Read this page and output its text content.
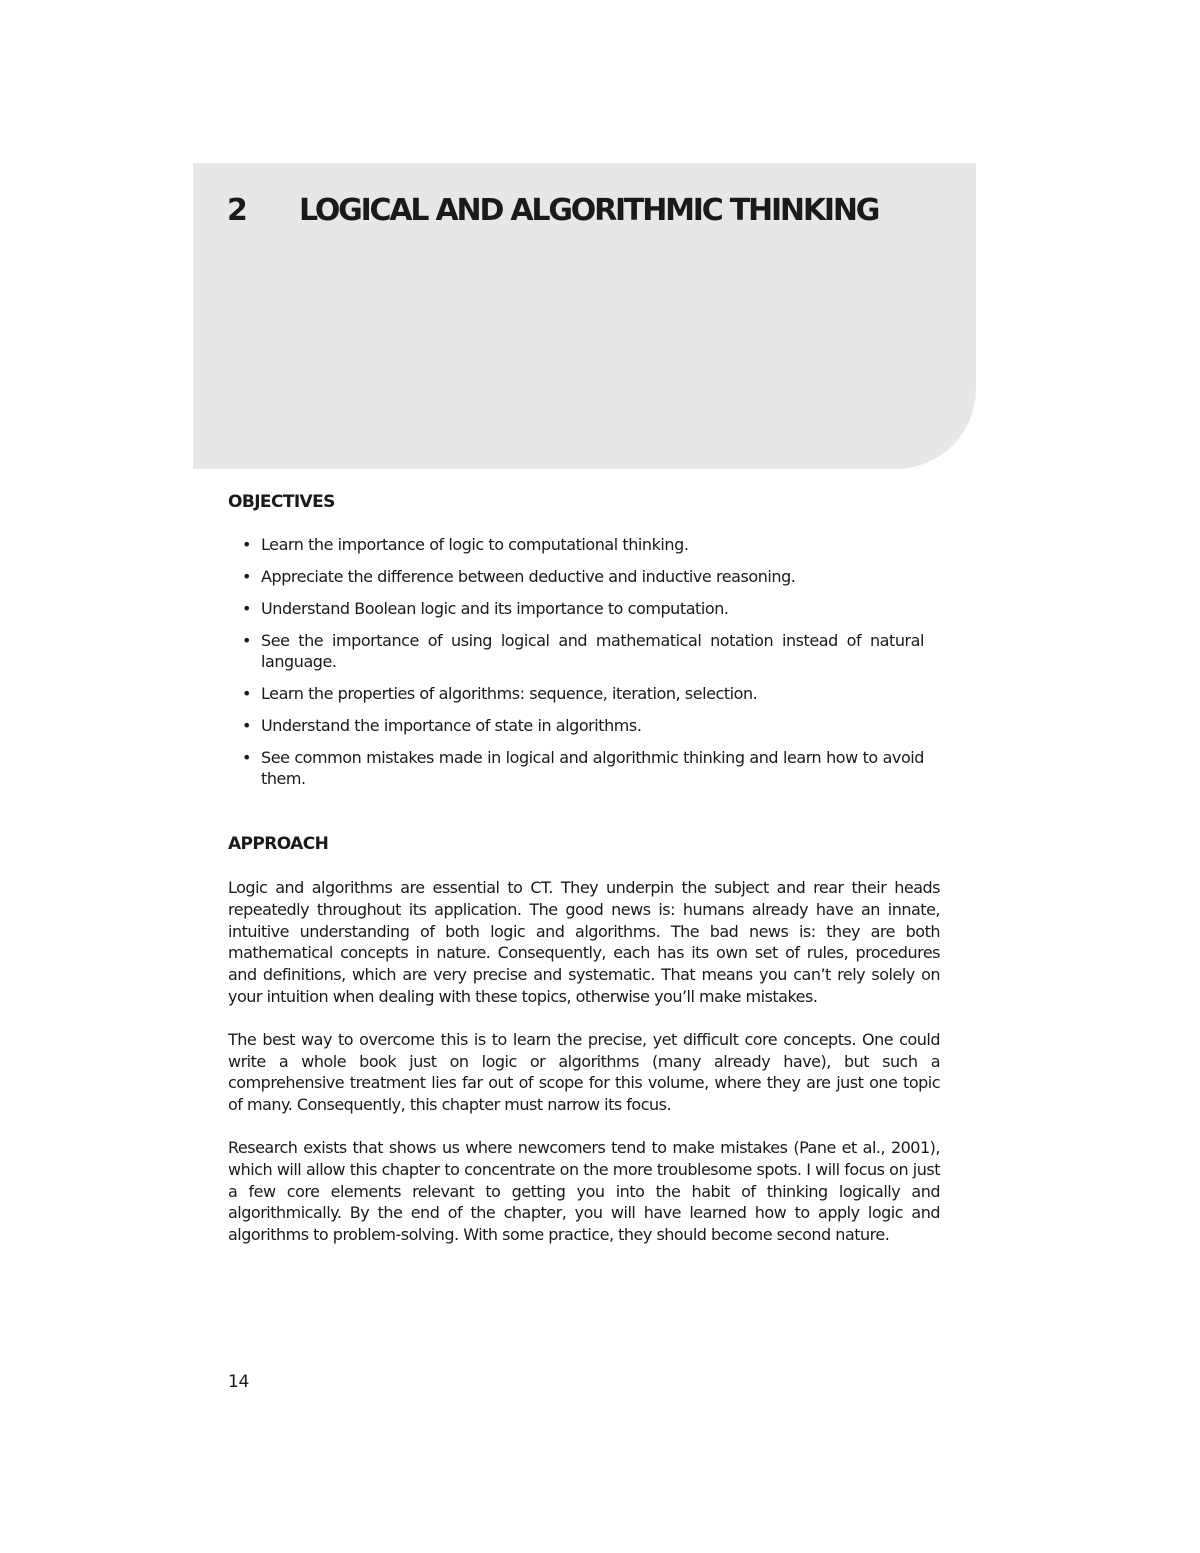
2 LOGICAL AND ALGORITHMIC THINKING
OBJECTIVES
• Learn the importance of logic to computational thinking.
• Appreciate the difference between deductive and inductive reasoning.
• Understand Boolean logic and its importance to computation.
• See the importance of using logical and mathematical notation instead of natural language.
• Learn the properties of algorithms: sequence, iteration, selection.
• Understand the importance of state in algorithms.
• See common mistakes made in logical and algorithmic thinking and learn how to avoid them.
APPROACH

Logic and algorithms are essential to CT. They underpin the subject and rear their heads repeatedly throughout its application. The good news is: humans already have an innate, intuitive understanding of both logic and algorithms. The bad news is: they are both mathematical concepts in nature. Consequently, each has its own set of rules, procedures and definitions, which are very precise and systematic. That means you can’t rely solely on your intuition when dealing with these topics, otherwise you’ll make mistakes.

The best way to overcome this is to learn the precise, yet difficult core concepts. One could write a whole book just on logic or algorithms (many already have), but such a comprehensive treatment lies far out of scope for this volume, where they are just one topic of many. Consequently, this chapter must narrow its focus.

Research exists that shows us where newcomers tend to make mistakes (Pane et al., 2001), which will allow this chapter to concentrate on the more troublesome spots. I will focus on just a few core elements relevant to getting you into the habit of thinking logically and algorithmically. By the end of the chapter, you will have learned how to apply logic and algorithms to problem-solving. With some practice, they should become second nature.

14
